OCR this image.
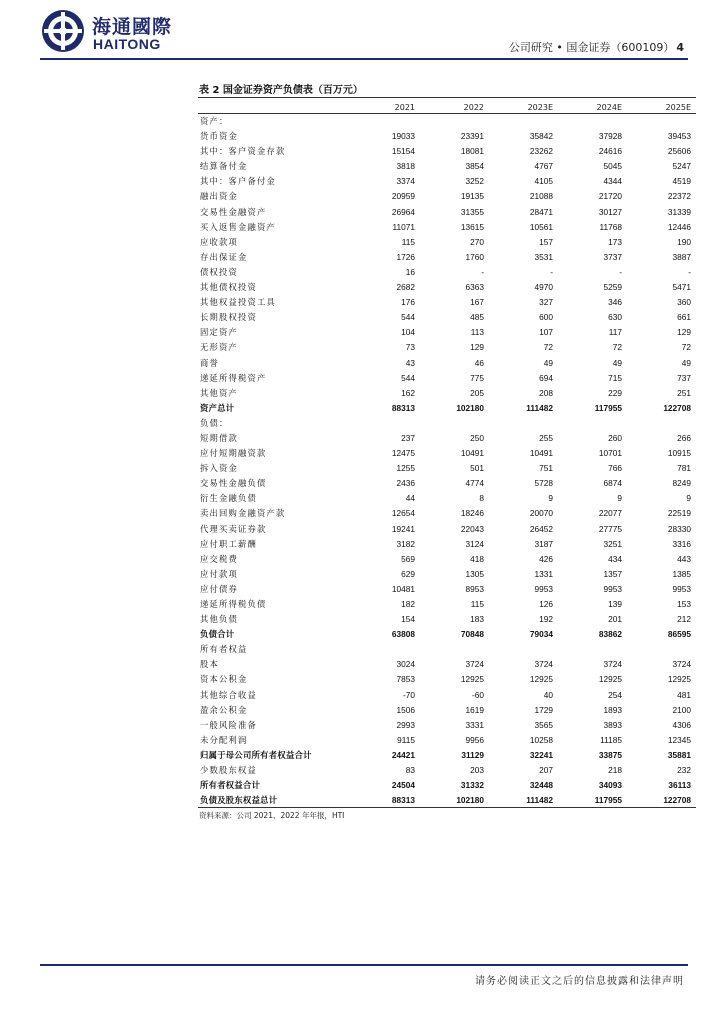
海通國際
HAITONG	公司研究 • 国金证券（600109） 4
表 2 国金证券资产负债表（百万元）
2021	2022	2023E	2024E	2025E
资产：
货币资金	19033	23391	35842	37928	39453
其中：客户资金存款	15154	18081	23262	24616	25606
结算备付金	3818	3854	4767	5045	5247
其中：客户备付金	3374	3252	4105	4344	4519
融出资金	20959	19135	21088	21720	22372
交易性金融资产	26964	31355	28471	30127	31339
买入返售金融资产	11071	13615	10561	11768	12446
应收款项	115	270	157	173	190
存出保证金	1726	1760	3531	3737	3887
债权投资	16	-	-	-	-
其他债权投资	2682	6363	4970	5259	5471
其他权益投资工具	176	167	327	346	360
长期股权投资	544	485	600	630	661
固定资产	104	113	107	117	129
无形资产	73	129	72	72	72
商誉	43	46	49	49	49
递延所得税资产	544	775	694	715	737
其他资产	162	205	208	229	251
资产总计	88313	102180	111482	117955	122708
负债：
短期借款	237	250	255	260	266
应付短期融资款	12475	10491	10491	10701	10915
拆入资金	1255	501	751	766	781
交易性金融负债	2436	4774	5728	6874	8249
衍生金融负债	44	8	9	9	9
卖出回购金融资产款	12654	18246	20070	22077	22519
代理买卖证券款	19241	22043	26452	27775	28330
应付职工薪酬	3182	3124	3187	3251	3316
应交税费	569	418	426	434	443
应付款项	629	1305	1331	1357	1385
应付债券	10481	8953	9953	9953	9953
递延所得税负债	182	115	126	139	153
其他负债	154	183	192	201	212
负债合计	63808	70848	79034	83862	86595
所有者权益
股本	3024	3724	3724	3724	3724
资本公积金	7853	12925	12925	12925	12925
其他综合收益	-70	-60	40	254	481
盈余公积金	1506	1619	1729	1893	2100
一般风险准备	2993	3331	3565	3893	4306
未分配利润	9115	9956	10258	11185	12345
归属于母公司所有者权益合计	24421	31129	32241	33875	35881
少数股东权益	83	203	207	218	232
所有者权益合计	24504	31332	32448	34093	36113
负债及股东权益总计	88313	102180	111482	117955	122708
资料来源：公司 2021、2022 年年报，HTI
请务必阅读正文之后的信息披露和法律声明
